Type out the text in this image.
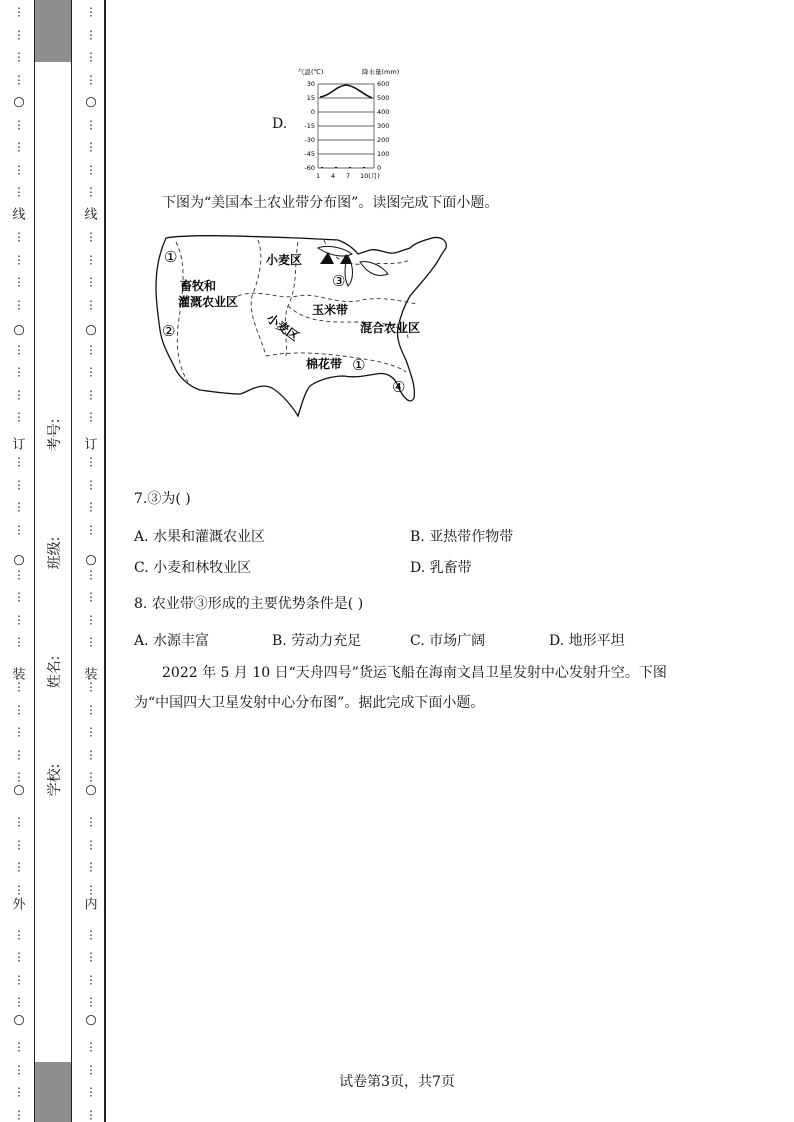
⋮
⋮
⋮
⋮
⋮
⋮
⋮
⋮
⋮
⋮
⋮
⋮
⋮
⋮
⋮
⋮
⋮
⋮
⋮
⋮
⋮
⋮
⋮
⋮
⋮
⋮
⋮
⋮
⋮
⋮
⋮
⋮
⋮
⋮
⋮
⋮
⋮
⋮
⋮
⋮
⋮
○
线
○
订
○
装
○
外
○
⋮
⋮
⋮
⋮
⋮
⋮
⋮
⋮
⋮
⋮
⋮
⋮
⋮
⋮
⋮
⋮
⋮
⋮
⋮
⋮
⋮
⋮
⋮
⋮
⋮
⋮
⋮
⋮
⋮
⋮
⋮
⋮
⋮
⋮
⋮
⋮
⋮
⋮
⋮
⋮
⋮
○
线
○
订
○
装
○
内
○
考号:
班级:
姓名:
学校:
D.
气温(℃)	降水量(mm)
30
15
0
-15
-30
-45
-60
600
500
400
300
200
100
0
1 4 7 10(月)
下图为“美国本土农业带分布图”。读图完成下面小题。
畜牧和
灌溉农业区
小麦区
小麦区
玉米带
混合农业区
棉花带
①
②
③
①
④
7.③为( )
A. 水果和灌溉农业区	B. 亚热带作物带
C. 小麦和林牧业区	D. 乳畜带
8. 农业带③形成的主要优势条件是( )
A. 水源丰富	B. 劳动力充足	C. 市场广阔	D. 地形平坦
2022 年 5 月 10 日“天舟四号”货运飞船在海南文昌卫星发射中心发射升空。下图
为“中国四大卫星发射中心分布图”。据此完成下面小题。
试卷第3页，共7页
